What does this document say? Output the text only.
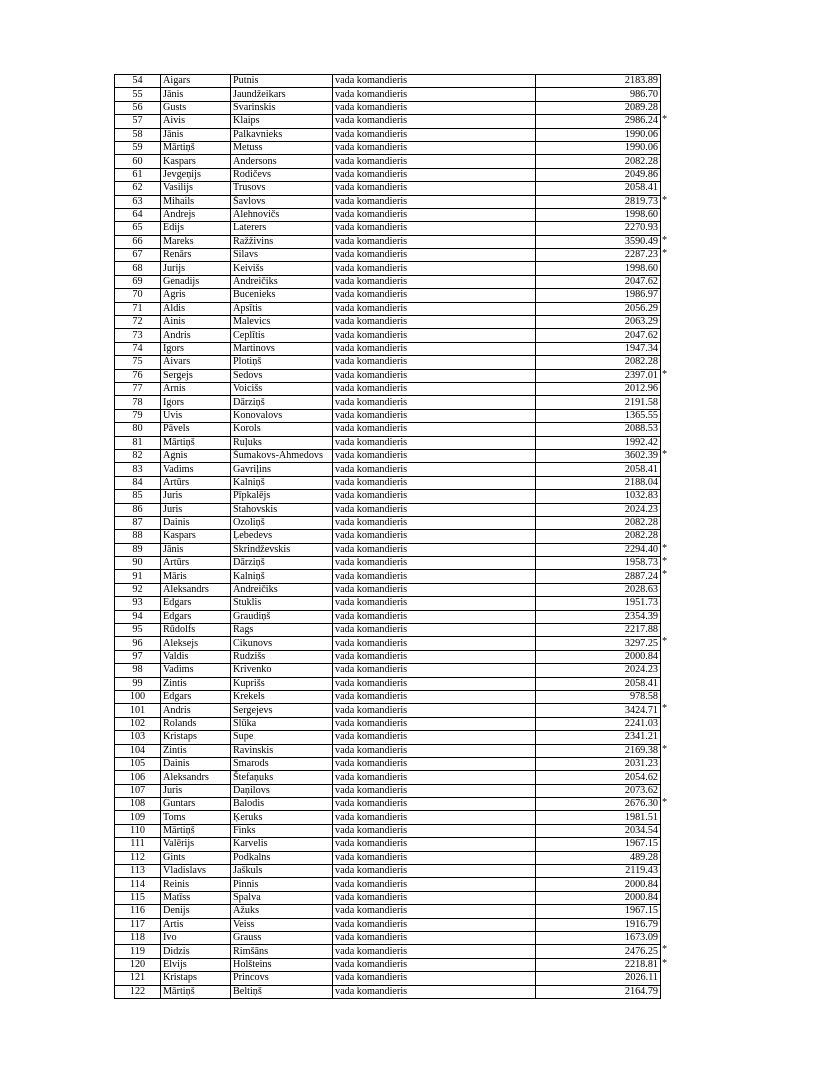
54	Aigars	Putnis	vada komandieris	2183.89
55	Jānis	Jaundžeikars	vada komandieris	986.70
56	Gusts	Svarinskis	vada komandieris	2089.28
57	Aivis	Klaips	vada komandieris	2986.24 *

58	Jānis	Palkavnieks	vada komandieris	1990.06
59	Mārtiņš	Metuss	vada komandieris	1990.06
60	Kaspars	Andersons	vada komandieris	2082.28
61	Jevgeņijs	Rodičevs	vada komandieris	2049.86
62	Vasilijs	Trusovs	vada komandieris	2058.41
63	Mihails	Šavlovs	vada komandieris	2819.73 *

64	Andrejs	Alehnovičs	vada komandieris	1998.60
65	Edijs	Laterers	vada komandieris	2270.93
66	Mareks	Ražživins	vada komandieris	3590.49 *

67	Renārs	Silavs	vada komandieris	2287.23 *

68	Jurijs	Keivišs	vada komandieris	1998.60
69	Genadijs	Andreičiks	vada komandieris	2047.62
70	Agris	Bucenieks	vada komandieris	1986.97
71	Aldis	Apsītis	vada komandieris	2056.29
72	Ainis	Malevics	vada komandieris	2063.29
73	Andris	Ceplītis	vada komandieris	2047.62
74	Igors	Martinovs	vada komandieris	1947.34
75	Aivars	Plotiņš	vada komandieris	2082.28
76	Sergejs	Sedovs	vada komandieris	2397.01 *

77	Arnis	Voicišs	vada komandieris	2012.96
78	Igors	Dārziņš	vada komandieris	2191.58
79	Uvis	Konovalovs	vada komandieris	1365.55
80	Pāvels	Korols	vada komandieris	2088.53
81	Mārtiņš	Ruļuks	vada komandieris	1992.42
82	Agnis	Šumakovs-Ahmedovs	vada komandieris	3602.39 *

83	Vadims	Gavriļins	vada komandieris	2058.41
84	Artūrs	Kalniņš	vada komandieris	2188.04
85	Juris	Pīpkalējs	vada komandieris	1032.83
86	Juris	Stahovskis	vada komandieris	2024.23
87	Dainis	Ozoliņš	vada komandieris	2082.28
88	Kaspars	Ļebedevs	vada komandieris	2082.28
89	Jānis	Skrindževskis	vada komandieris	2294.40 *

90	Artūrs	Dārziņš	vada komandieris	1958.73 *

91	Māris	Kalniņš	vada komandieris	2887.24 *

92	Aleksandrs	Andreičiks	vada komandieris	2028.63
93	Edgars	Stuklis	vada komandieris	1951.73
94	Edgars	Graudiņš	vada komandieris	2354.39
95	Rūdolfs	Rags	vada komandieris	2217.88
96	Aleksejs	Cikunovs	vada komandieris	3297.25 *

97	Valdis	Rudzišs	vada komandieris	2000.84
98	Vadims	Krivenko	vada komandieris	2024.23
99	Zintis	Kuprišs	vada komandieris	2058.41
100	Edgars	Krekels	vada komandieris	978.58
101	Andris	Sergejevs	vada komandieris	3424.71 *

102	Rolands	Slūka	vada komandieris	2241.03
103	Kristaps	Supe	vada komandieris	2341.21
104	Zintis	Ravinskis	vada komandieris	2169.38 *

105	Dainis	Smarods	vada komandieris	2031.23
106	Aleksandrs	Štefaņuks	vada komandieris	2054.62
107	Juris	Daņilovs	vada komandieris	2073.62
108	Guntars	Balodis	vada komandieris	2676.30 *

109	Toms	Ķeruks	vada komandieris	1981.51
110	Mārtiņš	Finks	vada komandieris	2034.54
111	Valērijs	Karvelis	vada komandieris	1967.15
112	Gints	Podkalns	vada komandieris	489.28
113	Vladislavs	Jaškuls	vada komandieris	2119.43
114	Reinis	Pinnis	vada komandieris	2000.84
115	Matīss	Spalva	vada komandieris	2000.84
116	Denijs	Ažuks	vada komandieris	1967.15
117	Artis	Veiss	vada komandieris	1916.79
118	Ivo	Grauss	vada komandieris	1673.09
119	Didzis	Rimšāns	vada komandieris	2476.25 *

120	Elvijs	Holšteins	vada komandieris	2218.81 *

121	Kristaps	Princovs	vada komandieris	2026.11
122	Mārtiņš	Beltiņš	vada komandieris	2164.79
